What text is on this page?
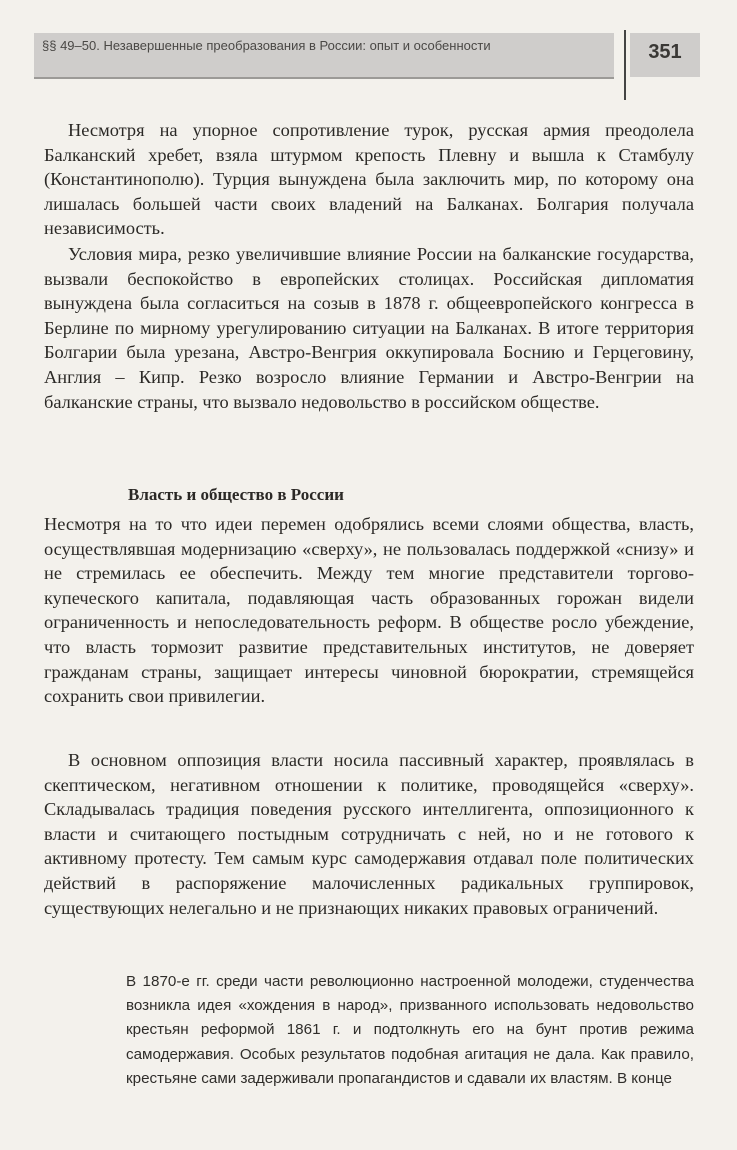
§§ 49–50. Незавершенные преобразования в России: опыт и особенности	351

Несмотря на упорное сопротивление турок, русская армия преодолела Балканский хребет, взяла штурмом крепость Плевну и вышла к Стамбулу (Константинополю). Турция вынуждена была заключить мир, по которому она лишалась большей части своих владений на Балканах. Болгария получала независимость.

Условия мира, резко увеличившие влияние России на балканские государства, вызвали беспокойство в европейских столицах. Российская дипломатия вынуждена была согласиться на созыв в 1878 г. общеевропейского конгресса в Берлине по мирному урегулированию ситуации на Балканах. В итоге территория Болгарии была урезана, Австро-Венгрия оккупировала Боснию и Герцеговину, Англия – Кипр. Резко возросло влияние Германии и Австро-Венгрии на балканские страны, что вызвало недовольство в российском обществе.

Власть и общество в России

Несмотря на то что идеи перемен одобрялись всеми слоями общества, власть, осуществлявшая модернизацию «сверху», не пользовалась поддержкой «снизу» и не стремилась ее обеспечить. Между тем многие представители торгово-купеческого капитала, подавляющая часть образованных горожан видели ограниченность и непоследовательность реформ. В обществе росло убеждение, что власть тормозит развитие представительных институтов, не доверяет гражданам страны, защищает интересы чиновной бюрократии, стремящейся сохранить свои привилегии.

В основном оппозиция власти носила пассивный характер, проявлялась в скептическом, негативном отношении к политике, проводящейся «сверху». Складывалась традиция поведения русского интеллигента, оппозиционного к власти и считающего постыдным сотрудничать с ней, но и не готового к активному протесту. Тем самым курс самодержавия отдавал поле политических действий в распоряжение малочисленных радикальных группировок, существующих нелегально и не признающих никаких правовых ограничений.

В 1870-е гг. среди части революционно настроенной молодежи, студенчества возникла идея «хождения в народ», призванного использовать недовольство крестьян реформой 1861 г. и подтолкнуть его на бунт против режима самодержавия. Особых результатов подобная агитация не дала. Как правило, крестьяне сами задерживали пропагандистов и сдавали их властям. В конце
